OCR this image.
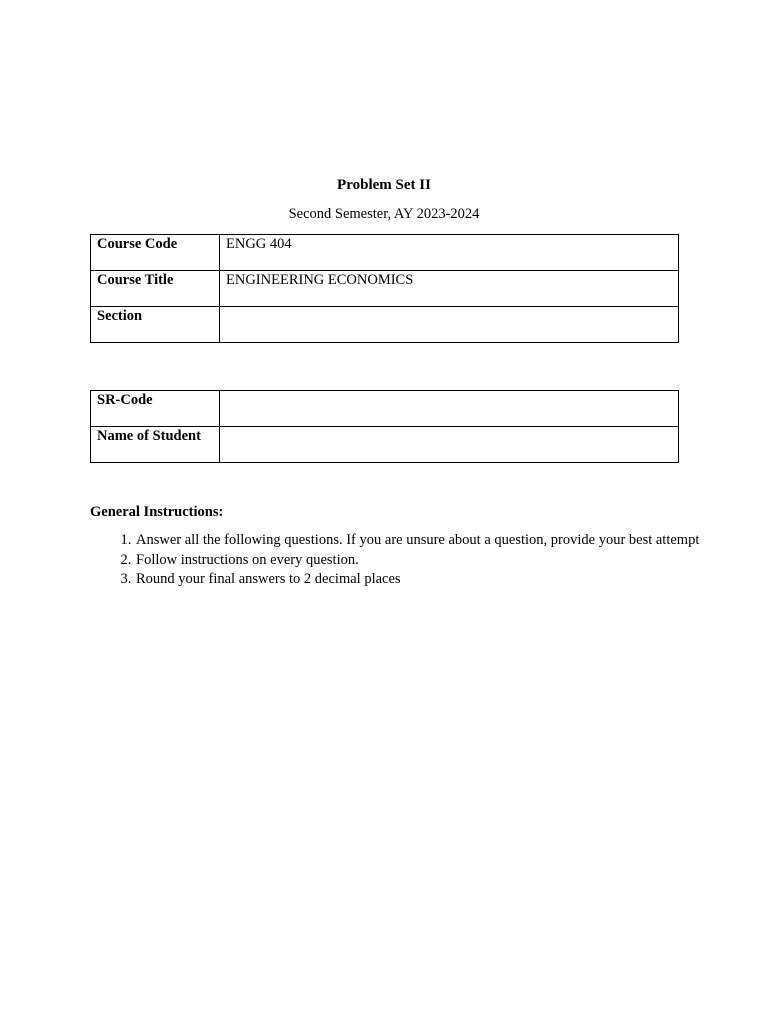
Problem Set II
Second Semester, AY 2023-2024
Course Code	ENGG 404
Course Title	ENGINEERING ECONOMICS
Section	
SR-Code	
Name of Student	
General Instructions:
1. Answer all the following questions. If you are unsure about a question, provide your best attempt
2. Follow instructions on every question.
3. Round your final answers to 2 decimal places
